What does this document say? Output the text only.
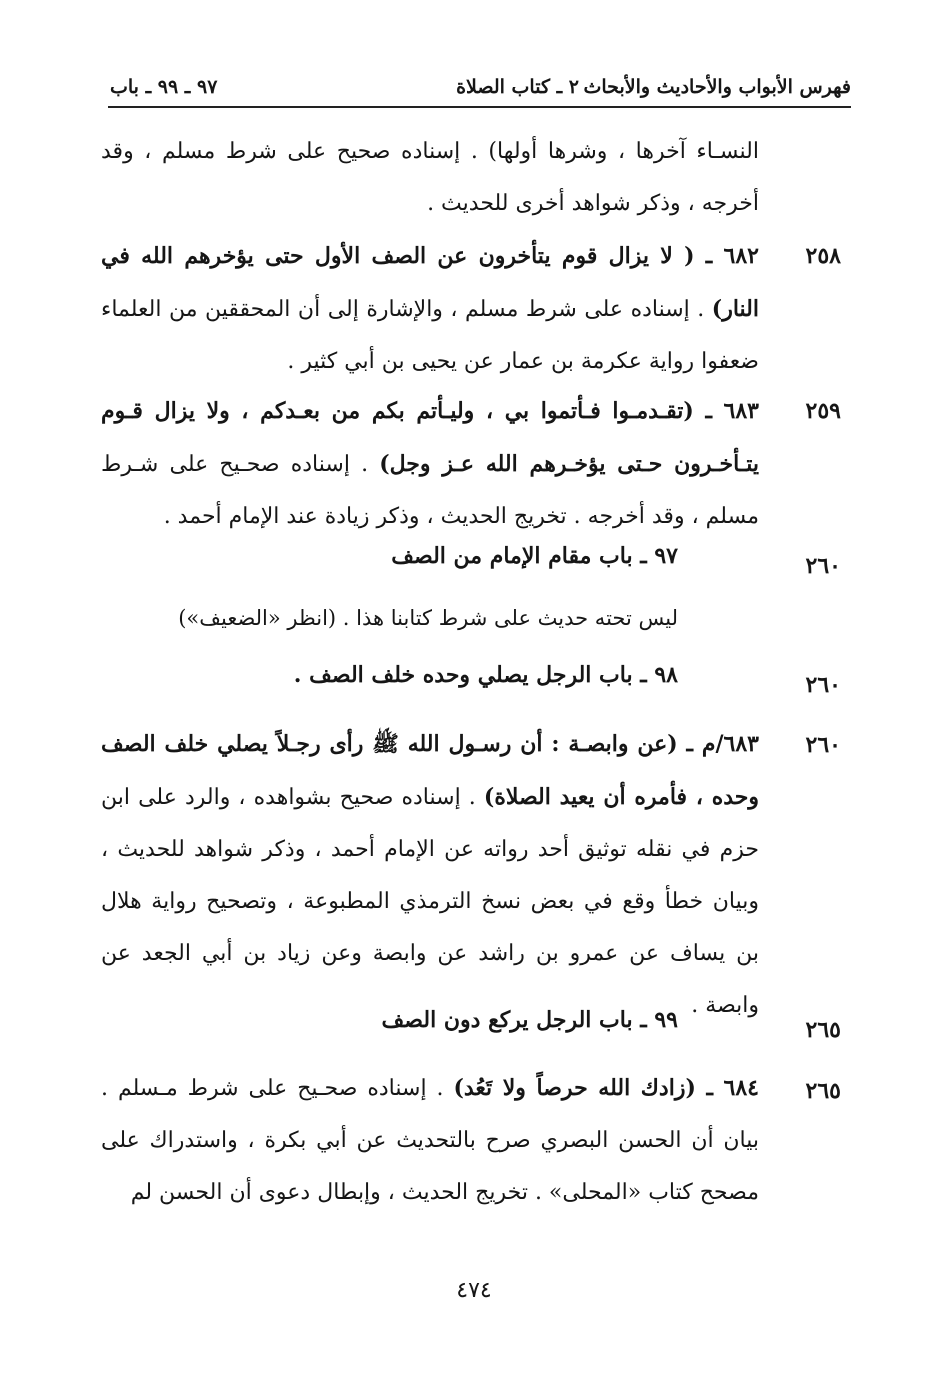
فهرس الأبواب والأحاديث والأبحاث
٢ ـ كتاب الصلاة
٩٧ ـ ٩٩ ـ باب

النسـاء آخرها ، وشرها أولها) . إسناده صحيح على شرط مسلم ، وقد أخرجه ، وذكر شواهد أخرى للحديث .

٢٥٨

٦٨٢ ـ ( لا يزال قوم يتأخرون عن الصف الأول حتى يؤخرهم الله في النار) . إسناده على شرط مسلم ، والإشارة إلى أن المحققين من العلماء ضعفوا رواية عكرمة بن عمار عن يحيى بن أبي كثير .

٢٥٩

٦٨٣ ـ (تقـدمـوا فـأتموا بي ، وليـأتم بكم من بعـدكم ، ولا يزال قـوم يتـأخـرون حـتى يؤخـرهم الله عـز وجل) . إسناده صحـيح على شـرط مسلم ، وقد أخرجه . تخريج الحديث ، وذكر زيادة عند الإمام أحمد .

٢٦٠
٩٧ ـ باب مقام الإمام من الصف
ليس تحته حديث على شرط كتابنا هذا . (انظر «الضعيف»)
٢٦٠
٩٨ ـ باب الرجل يصلي وحده خلف الصف .
٢٦٠

٦٨٣/م ـ (عن وابصـة : أن رسـول الله ﷺ رأى رجـلاً يصلي خلف الصف وحده ، فأمره أن يعيد الصلاة) . إسناده صحيح بشواهده ، والرد على ابن حزم في نقله توثيق أحد رواته عن الإمام أحمد ، وذكر شواهد للحديث ، وبيان خطأ وقع في بعض نسخ الترمذي المطبوعة ، وتصحيح رواية هلال بن يساف عن عمرو بن راشد عن وابصة وعن زياد بن أبي الجعد عن وابصة .

٢٦٥
٩٩ ـ باب الرجل يركع دون الصف
٢٦٥

٦٨٤ ـ (زادك الله حرصاً ولا تَعُد) . إسناده صحـيح على شرط مـسلم . بيان أن الحسن البصري صرح بالتحديث عن أبي بكرة ، واستدراك على مصحح كتاب «المحلى» . تخريج الحديث ، وإبطال دعوى أن الحسن لم

٤٧٤
